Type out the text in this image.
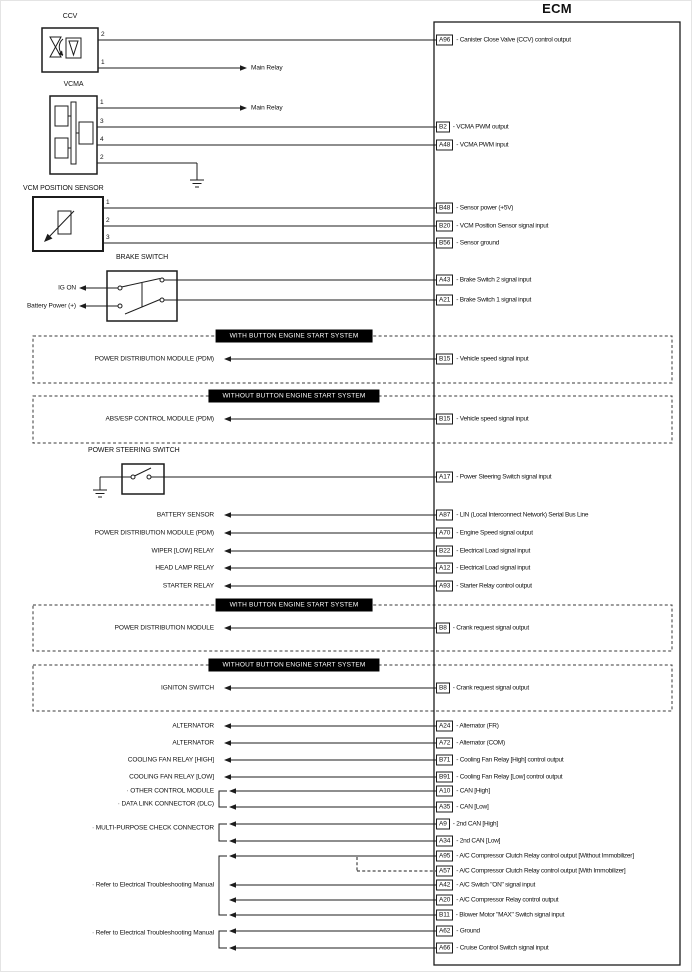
ECM
CCV
VCMA
VCM POSITION SENSOR
BRAKE SWITCH
POWER STEERING SWITCH
2
1
1
3
4
2
1
2
3
Main Relay
Main Relay
IG ON
Battery Power (+)
WITH BUTTON ENGINE START SYSTEM
POWER DISTRIBUTION MODULE (PDM)
WITHOUT BUTTON ENGINE START SYSTEM
ABS/ESP CONTROL MODULE (PDM)
WITH BUTTON ENGINE START SYSTEM
POWER DISTRIBUTION MODULE
WITHOUT BUTTON ENGINE START SYSTEM
IGNITON SWITCH
BATTERY SENSOR
POWER DISTRIBUTION MODULE (PDM)
WIPER [LOW] RELAY
HEAD LAMP RELAY
STARTER RELAY
ALTERNATOR
ALTERNATOR
COOLING FAN RELAY [HIGH]
COOLING FAN RELAY [LOW]
· OTHER CONTROL MODULE
· DATA LINK CONNECTOR (DLC)
· MULTI-PURPOSE CHECK CONNECTOR
· Refer to Electrical Troubleshooting Manual
· Refer to Electrical Troubleshooting Manual
A96 - Canister Close Valve (CCV) control output
B2 - VCMA PWM output
A48 - VCMA PWM input
B48 - Sensor power (+5V)
B20 - VCM Position Sensor signal input
B56 - Sensor ground
A43 - Brake Switch 2 signal input
A21 - Brake Switch 1 signal input
B15 - Vehicle speed signal input
B15 - Vehicle speed signal input
A17 - Power Steering Switch signal input
A87 - LIN (Local Interconnect Network) Serial Bus Line
A70 - Engine Speed signal output
B22 - Electrical Load signal input
A12 - Electrical Load signal input
A93 - Starter Relay control output
B8 - Crank request signal output
B8 - Crank request signal output
A24 - Alternator (FR)
A72 - Alternator (COM)
B71 - Cooling Fan Relay [High] control output
B91 - Cooling Fan Relay [Low] control output
A10 - CAN [High]
A35 - CAN [Low]
A9 - 2nd CAN [High]
A34 - 2nd CAN [Low]
A95 - A/C Compressor Clutch Relay control output [Without Immobilizer]
A57 - A/C Compressor Clutch Relay control output [With Immobilizer]
A42 - A/C Switch "ON" signal input
A20 - A/C Compressor Relay control output
B11 - Blower Motor "MAX" Switch signal input
A62 - Ground
A66 - Cruise Control Switch signal input
